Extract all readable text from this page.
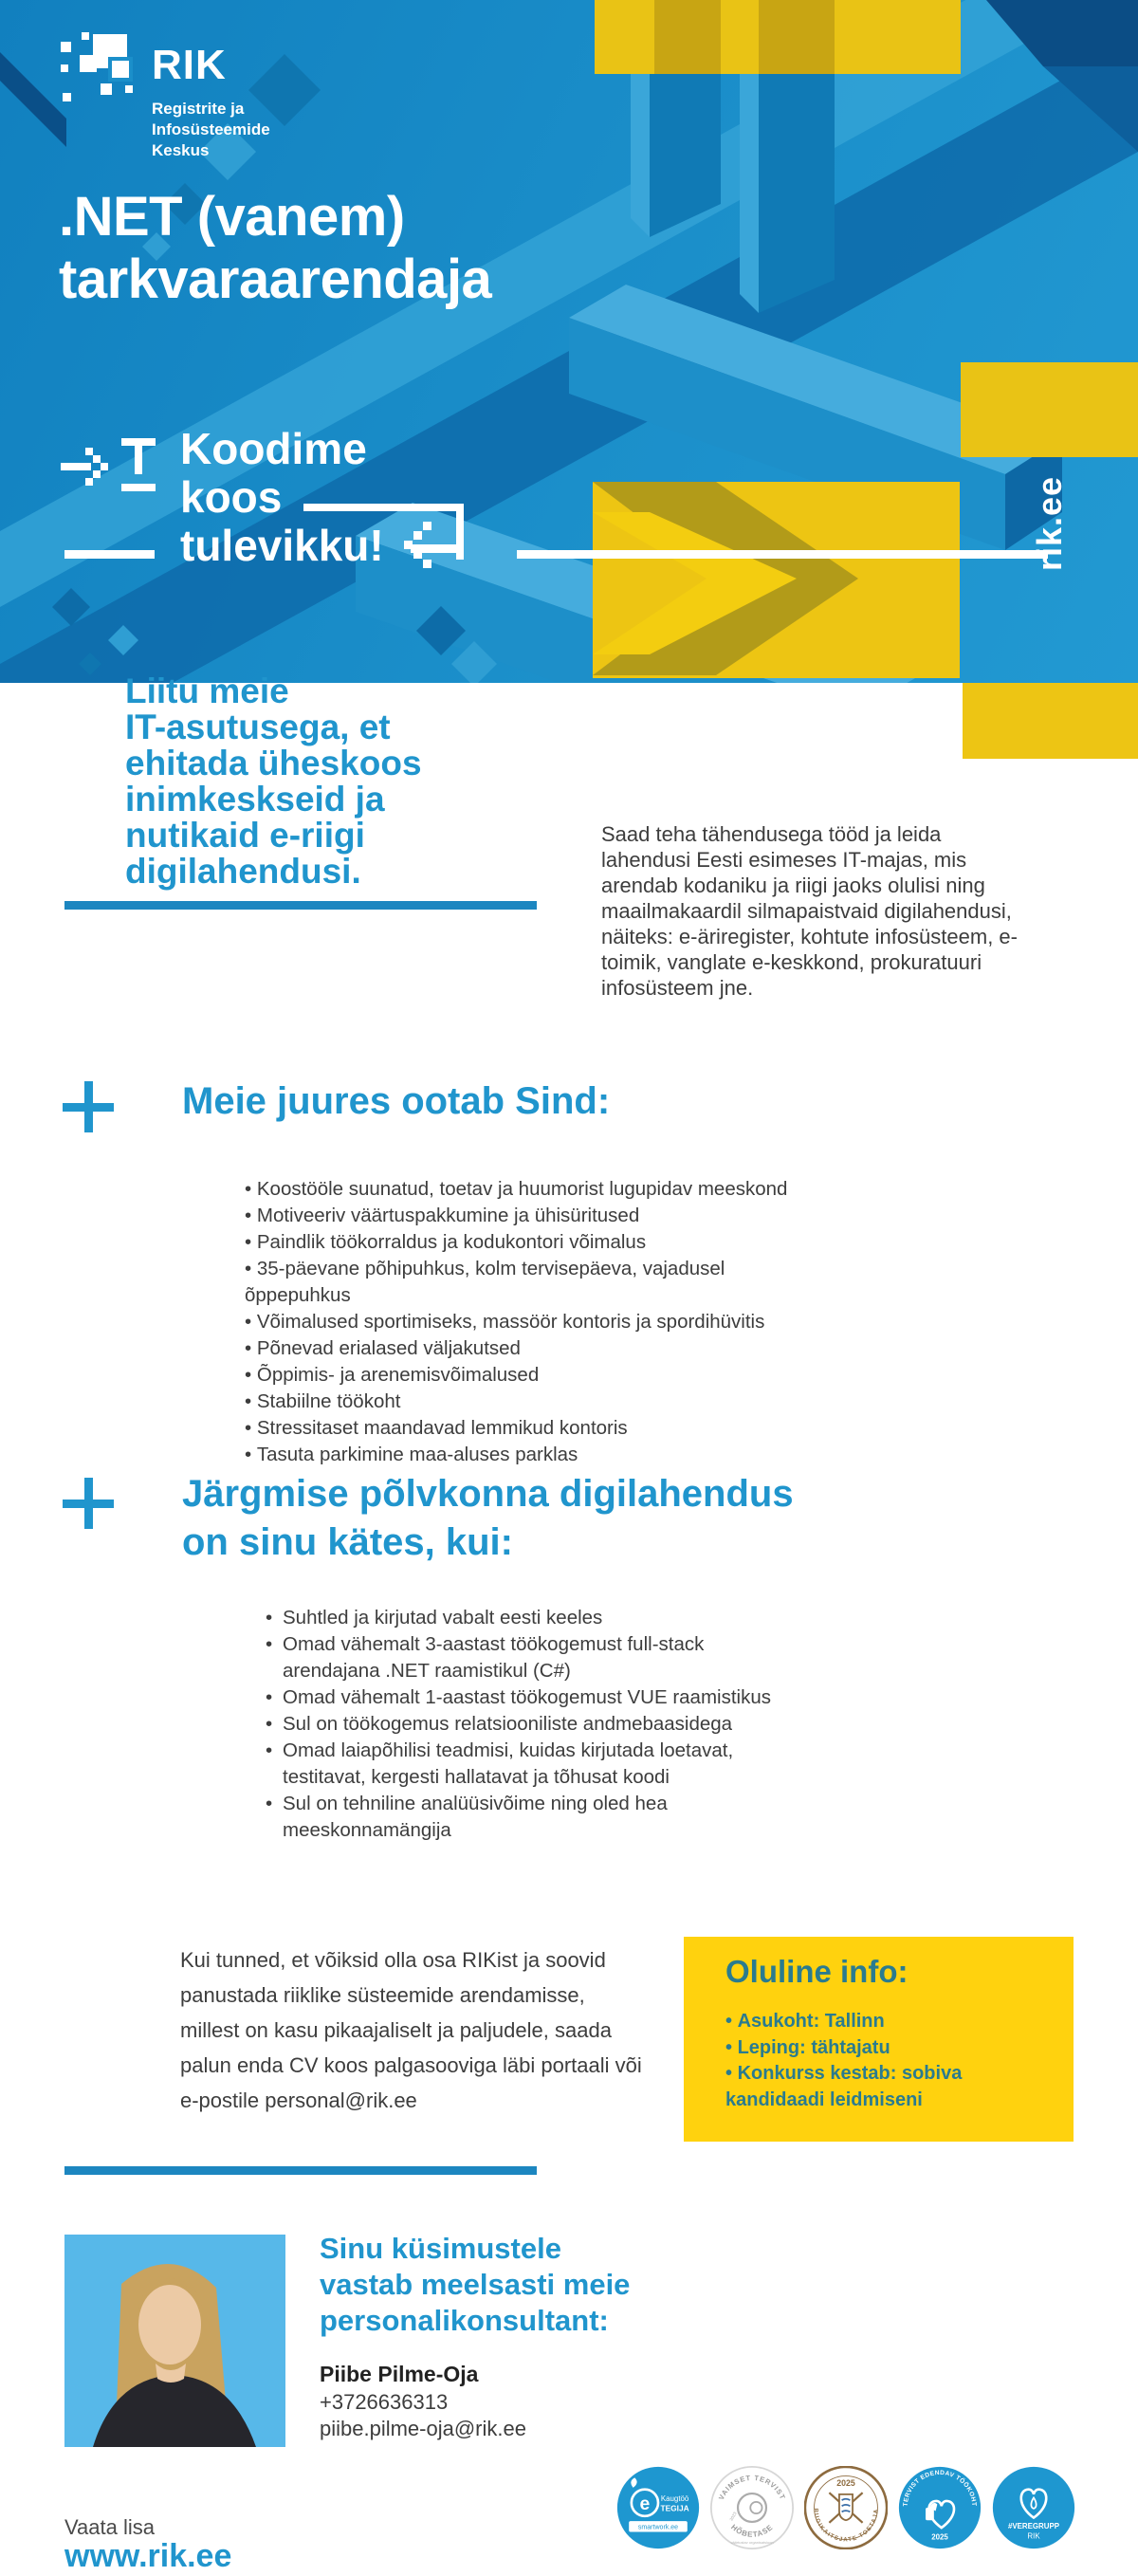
RIK
Registrite ja
Infosüsteemide
Keskus
.NET (vanem)
tarkvaraarendaja
Koodime
koos
tulevikku!	rik.ee
Liitu meie
IT-asutusega, et
ehitada üheskoos
inimkeskseid ja
nutikaid e-riigi
digilahendusi.
Saad teha tähendusega tööd ja leida
lahendusi Eesti esimeses IT-majas, mis
arendab kodaniku ja riigi jaoks olulisi ning
maailmakaardil silmapaistvaid digilahendusi,
näiteks: e-äriregister, kohtute infosüsteem, e-
toimik, vanglate e-keskkond, prokuratuuri
infosüsteem jne.
Meie juures ootab Sind:
• Koostööle suunatud, toetav ja huumorist lugupidav meeskond
• Motiveeriv väärtuspakkumine ja ühisüritused
• Paindlik töökorraldus ja kodukontori võimalus
• 35-päevane põhipuhkus, kolm tervisepäeva, vajadusel õppepuhkus
• Võimalused sportimiseks, massöör kontoris ja spordihüvitis
• Põnevad erialased väljakutsed
• Õppimis- ja arenemisvõimalused
• Stabiilne töökoht
• Stressitaset maandavad lemmikud kontoris
• Tasuta parkimine maa-aluses parklas
Järgmise põlvkonna digilahendus
on sinu kätes, kui:
• Suhtled ja kirjutad vabalt eesti keeles
• Omad vähemalt 3-aastast töökogemust full-stack arendajana .NET raamistikul (C#)
• Omad vähemalt 1-aastast töökogemust VUE raamistikus
• Sul on töökogemus relatsiooniliste andmebaasidega
• Omad laiapõhilisi teadmisi, kuidas kirjutada loetavat, testitavat, kergesti hallatavat ja tõhusat koodi
• Sul on tehniline analüüsivõime ning oled hea meeskonnamängija
Kui tunned, et võiksid olla osa RIKist ja soovid
panustada riiklike süsteemide arendamisse,
millest on kasu pikaajaliselt ja paljudele, saada
palun enda CV koos palgasooviga läbi portaali või
e-postile personal@rik.ee
Oluline info:
• Asukoht: Tallinn
• Leping: tähtajatu
• Konkurss kestab: sobiva kandidaadi leidmiseni
Sinu küsimustele
vastab meelsasti meie
personalikonsultant:
Piibe Pilme-Oja
+3726636313
piibe.pilme-oja@rik.ee
Vaata lisa
www.rik.ee
e Kaugtöö
TEGIJA
smartwork.ee
VAIMSET TERVIST
2023
väärtustav organisatsioon
HÕBETASE
2025
RIIGIKAITSJATE TOETAJA
TERVIST EDENDAV TÖÖKOHT
2025
#VEREGRUPP
RIK
